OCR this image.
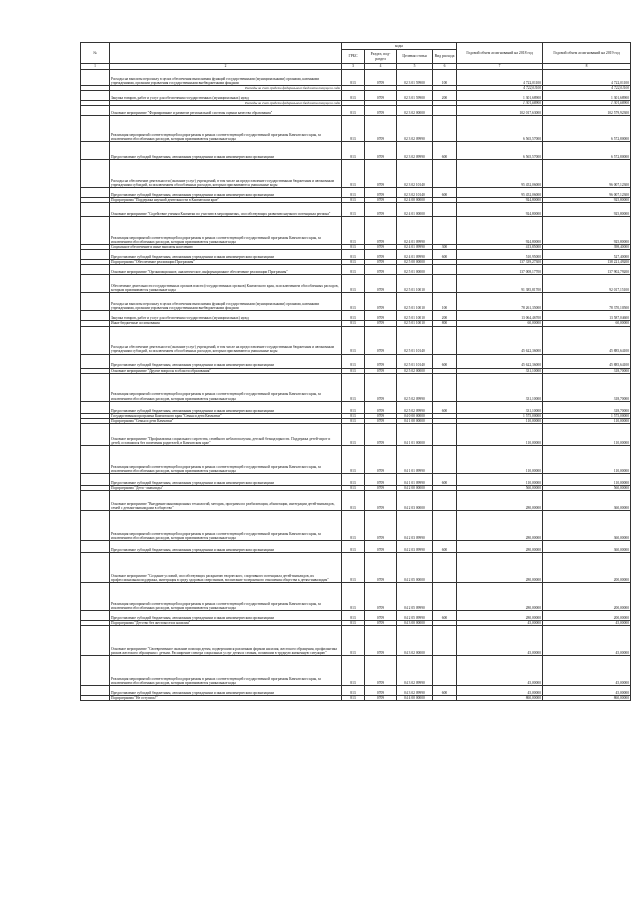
№		коды				Годовой объем ассигнований на 2018 год	Годовой объем ассигнований на 2019 год
		ГРБС	Раздел, под-раздел	Целевая статья	Вид расхода		
1	2	3	4	5	6	7	8
	Расходы на выплаты персоналу в целях обеспечения выполнения функций государственными (муниципальными) органами, казенными учреждениями, органами управления государственными внебюджетными фондами	813	0709	02 3 01 59900	100	4 722,01100	4 722,01100
	Расходы за счет средств федерального бюджета текущего года					4 722,01100	4 722,01100
	Закупка товаров, работ и услуг для обеспечения государственных (муниципальных) нужд	813	0709	02 3 01 59900	200	1 301,68900	1 301,68900
	Расходы за счет средств федерального бюджета текущего года					1 301,68900	1 301,68900
	Основное мероприятие "Формирование и развитие региональной системы оценки качества образования"	813	0709	02 3 02 00000		102 017,63000	102 579,92300
	Реализация мероприятий соответствующей подпрограммы в рамках соответствующей государственной программы Камчатского края, за исключением обособленных расходов, которым присваиваются уникальные коды	813	0709	02 3 02 09990		6 565,57000	6 572,80000
	Предоставление субсидий бюджетным, автономным учреждениям и иным некоммерческим организациям	813	0709	02 3 02 09990	600	6 565,57000	6 572,80000
	Расходы на обеспечение деятельности (оказание услуг) учреждений, в том числе на предоставление государственным бюджетным и автономным учреждениям субсидий, за исключением обособленных расходов, которым присваиваются уникальные коды	813	0709	02 3 02 10140		95 452,06000	96 007,12300
	Предоставление субсидий бюджетным, автономным учреждениям и иным некоммерческим организациям	813	0709	02 3 02 10140	600	95 452,06000	96 007,12300
	Подпрограмма "Поддержка научной деятельности в Камчатском крае"	813	0709	02 4 00 00000		924,80000	925,80000
	Основное мероприятие "Содействие ученым Камчатки по участию в мероприятиях, способствующих развитию научного потенциала региона"	813	0709	02 4 01 00000		924,80000	925,80000
	Реализация мероприятий соответствующей подпрограммы в рамках соответствующей государственной программы Камчатского края, за исключением обособленных расходов, которым присваиваются уникальные коды	813	0709	02 4 01 09990		924,80000	925,80000
	Социальное обеспечение и иные выплаты населению	813	0709	02 4 01 09990	300	413,85000	398,40000
	Предоставление субсидий бюджетным, автономным учреждениям и иным некоммерческим организациям	813	0709	02 4 01 09990	600	510,95000	527,40000
	Подпрограмма "Обеспечение реализации Программы"	813	0709	02 5 00 00000		137 339,27300	138 221,49200
	Основное мероприятие "Организационное, аналитическое, информационное обеспечение реализации Программы"	813	0709	02 5 01 00000		137 008,17700	137 902,79200
	Обеспечение деятельности государственных органов власти (государственных органов) Камчатского края, за исключением обособленных расходов, которым присваиваются уникальные коды	813	0709	02 5 01 10010		91 385,81700	92 017,15100
	Расходы на выплаты персоналу в целях обеспечения выполнения функций государственными (муниципальными) органами, казенными учреждениями, органами управления государственными внебюджетными фондами	813	0709	02 5 01 10010	100	78 261,35000	78 370,10500
	Закупка товаров, работ и услуг для обеспечения государственных (муниципальных) нужд	813	0709	02 5 01 10010	200	13 064,46700	13 587,04600
	Иные бюджетные ассигнования	813	0709	02 5 01 10010	800	60,00000	60,00000
	Расходы на обеспечение деятельности (оказание услуг) учреждений, в том числе на предоставление государственным бюджетным и автономным учреждениям субсидий, за исключением обособленных расходов, которым присваиваются уникальные коды	813	0709	02 5 01 10140		45 622,36000	45 885,64100
	Предоставление субсидий бюджетным, автономным учреждениям и иным некоммерческим организациям	813	0709	02 5 01 10140	600	45 622,36000	45 885,64100
	Основное мероприятие "Другие вопросы в области образования"	813	0709	02 5 02 00000		331,10000	318,70000
	Реализация мероприятий соответствующей подпрограммы в рамках соответствующей государственной программы Камчатского края, за исключением обособленных расходов, которым присваиваются уникальные коды	813	0709	02 5 02 09990		331,10000	318,70000
	Предоставление субсидий бюджетным, автономным учреждениям и иным некоммерческим организациям	813	0709	02 5 02 09990	600	331,10000	318,70000
	Государственная программа Камчатского края "Семья и дети Камчатки"	813	0709	04 0 00 00000		1 575,00000	1 575,00000
	Подпрограмма "Семья и дети Камчатки"	813	0709	04 1 00 00000		110,00000	110,00000
	Основное мероприятие "Профилактика социального сиротства, семейного неблагополучия, детской безнадзорности. Поддержка детей-сирот и детей, оставшихся без попечения родителей, в Камчатском крае"	813	0709	04 1 01 00000		110,00000	110,00000
	Реализация мероприятий соответствующей подпрограммы в рамках соответствующей государственной программы Камчатского края, за исключением обособленных расходов, которым присваиваются уникальные коды	813	0709	04 1 01 09990		110,00000	110,00000
	Предоставление субсидий бюджетным, автономным учреждениям и иным некоммерческим организациям	813	0709	04 1 01 09990	600	110,00000	110,00000
	Подпрограмма "Дети - инвалиды"	813	0709	04 2 00 00000		560,00000	560,00000
	Основное мероприятие "Внедрение инновационных технологий, методик, программ по реабилитации, абилитации, интеграции детей-инвалидов, семей с детьми-инвалидами в общество"	813	0709	04 2 03 00000		280,00000	360,00000
	Реализация мероприятий соответствующей подпрограммы в рамках соответствующей государственной программы Камчатского края, за исключением обособленных расходов, которым присваиваются уникальные коды	813	0709	04 2 03 09990		280,00000	360,00000
	Предоставление субсидий бюджетным, автономным учреждениям и иным некоммерческим организациям	813	0709	04 2 03 09990	600	280,00000	360,00000
	Основное мероприятие "Создание условий, способствующих раскрытию творческого, спортивного потенциала детей-инвалидов, их профессиональная поддержка, интеграция в среду здоровых сверстников, воспитание толерантного отношения общества к детям-инвалидам"	813	0709	04 2 05 00000		280,00000	200,00000
	Реализация мероприятий соответствующей подпрограммы в рамках соответствующей государственной программы Камчатского края, за исключением обособленных расходов, которым присваиваются уникальные коды	813	0709	04 2 05 09990		280,00000	200,00000
	Предоставление субсидий бюджетным, автономным учреждениям и иным некоммерческим организациям	813	0709	04 2 05 09990	600	280,00000	200,00000
	Подпрограмма "Детство без жестокости и насилия"	813	0709	04 3 00 00000		45,00000	45,00000
	Основное мероприятие "Своевременное оказание помощи детям, подвергшимся различным формам насилия, жестокого обращения, профилактика рисков жестокого обращения с детьми. Расширение спектра социальных услуг детям и семьям, попавшим в трудную жизненную ситуацию"	813	0709	04 3 02 00000		45,00000	45,00000
	Реализация мероприятий соответствующей подпрограммы в рамках соответствующей государственной программы Камчатского края, за исключением обособленных расходов, которым присваиваются уникальные коды	813	0709	04 3 02 09990		45,00000	45,00000
	Предоставление субсидий бюджетным, автономным учреждениям и иным некоммерческим организациям	813	0709	04 3 02 09990	600	45,00000	45,00000
	Подпрограмма "Не оступись!"	813	0709	04 4 00 00000		860,00000	860,00000
